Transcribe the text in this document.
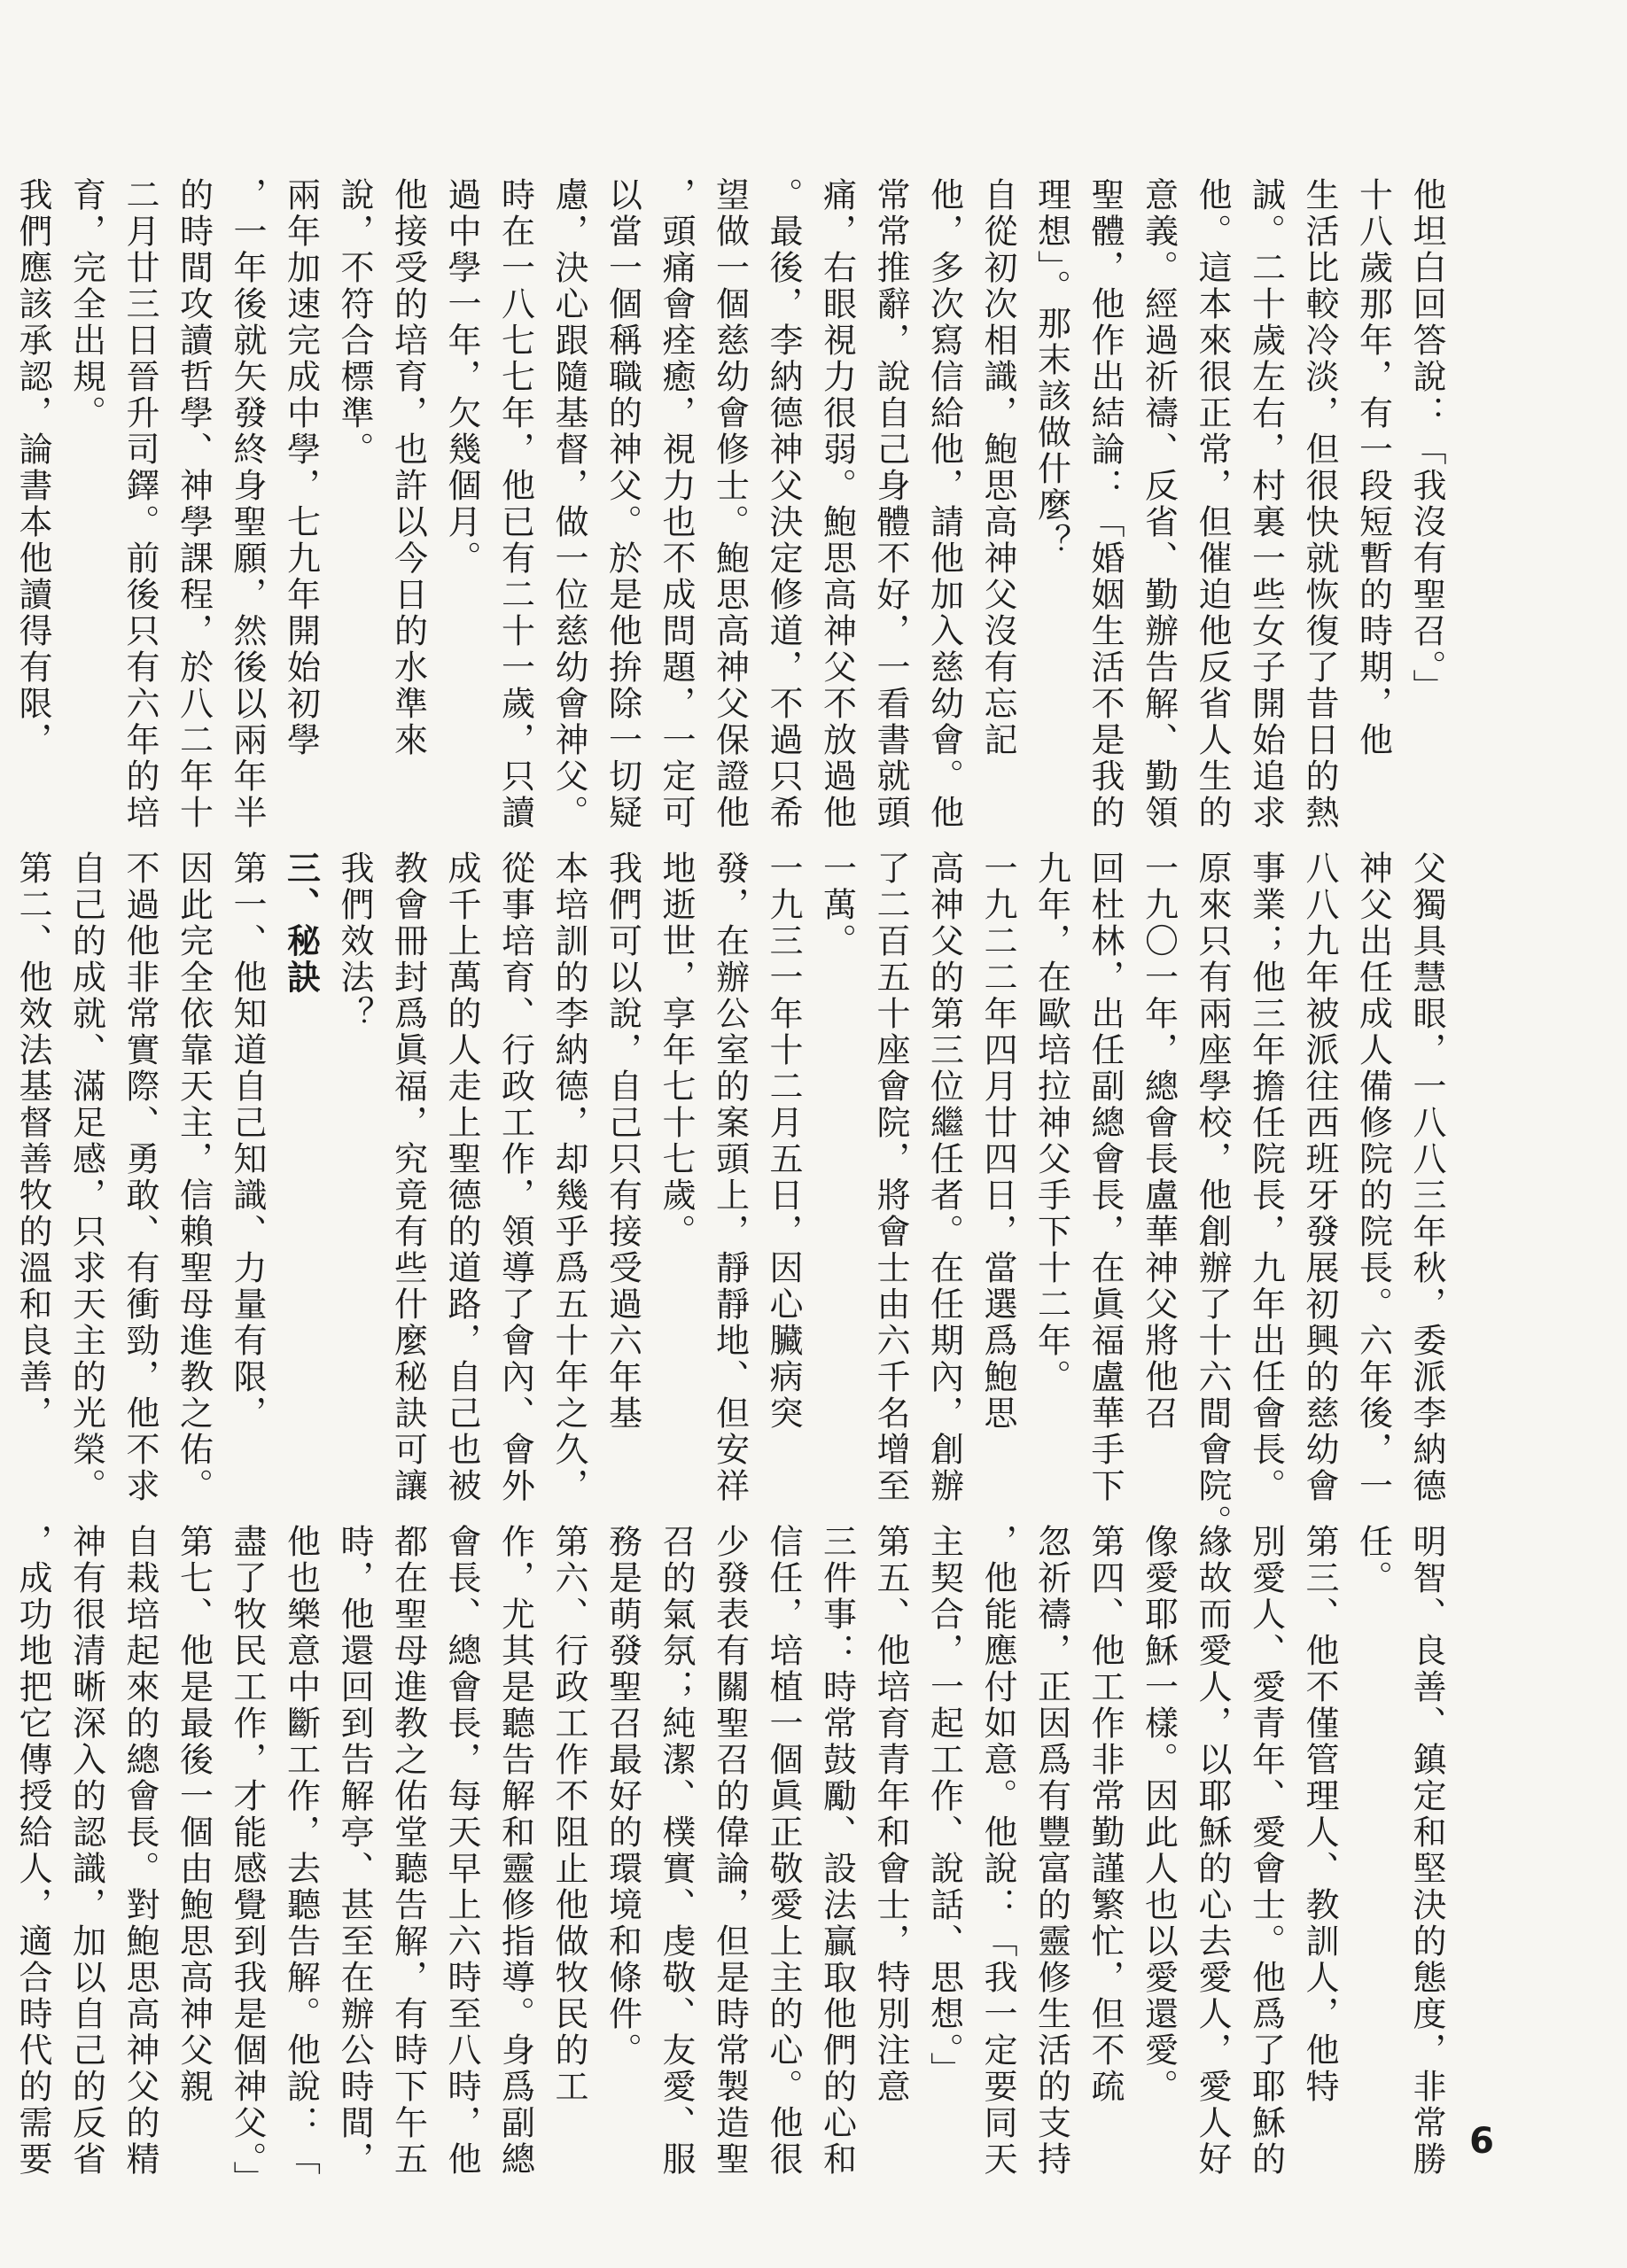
他坦白回答說：「我沒有聖召。」
十八歲那年，有一段短暫的時期，他
生活比較冷淡，但很快就恢復了昔日的熱
誠。二十歲左右，村裏一些女子開始追求
他。這本來很正常，但催迫他反省人生的
意義。經過祈禱、反省、勤辦告解、勤領
聖體，他作出結論：「婚姻生活不是我的
理想」。那末該做什麼？
自從初次相識，鮑思高神父沒有忘記
他，多次寫信給他，請他加入慈幼會。他
常常推辭，說自己身體不好，一看書就頭
痛，右眼視力很弱。鮑思高神父不放過他
。最後，李納德神父決定修道，不過只希
望做一個慈幼會修士。鮑思高神父保證他
，頭痛會痊癒，視力也不成問題，一定可
以當一個稱職的神父。於是他拚除一切疑
慮，決心跟隨基督，做一位慈幼會神父。
時在一八七七年，他已有二十一歲，只讀
過中學一年，欠幾個月。
他接受的培育，也許以今日的水準來
說，不符合標準。
兩年加速完成中學，七九年開始初學
，一年後就矢發終身聖願，然後以兩年半
的時間攻讀哲學、神學課程，於八二年十
二月廿三日晉升司鐸。前後只有六年的培
育，完全出規。
我們應該承認，論書本他讀得有限，
父獨具慧眼，一八八三年秋，委派李納德
神父出任成人備修院的院長。六年後，一
八八九年被派往西班牙發展初興的慈幼會
事業；他三年擔任院長，九年出任會長。
原來只有兩座學校，他創辦了十六間會院。
一九〇一年，總會長盧華神父將他召
回杜林，出任副總會長，在眞福盧華手下
九年，在歐培拉神父手下十二年。
一九二二年四月廿四日，當選爲鮑思
高神父的第三位繼任者。在任期內，創辦
了二百五十座會院，將會士由六千名增至
一萬。
一九三一年十二月五日，因心臟病突
發，在辦公室的案頭上，靜靜地、但安祥
地逝世，享年七十七歲。
我們可以說，自己只有接受過六年基
本培訓的李納德，却幾乎爲五十年之久，
從事培育、行政工作，領導了會內、會外
成千上萬的人走上聖德的道路，自己也被
教會冊封爲眞福，究竟有些什麼秘訣可讓
我們效法？
三、秘訣
第一、他知道自己知識、力量有限，
因此完全依靠天主，信賴聖母進教之佑。
不過他非常實際、勇敢、有衝勁，他不求
自己的成就、滿足感，只求天主的光榮。
第二、他效法基督善牧的溫和良善，
明智、良善、鎮定和堅決的態度，非常勝
任。
第三、他不僅管理人、教訓人，他特
別愛人、愛青年、愛會士。他爲了耶穌的
緣故而愛人，以耶穌的心去愛人，愛人好
像愛耶穌一樣。因此人也以愛還愛。
第四、他工作非常勤謹繁忙，但不疏
忽祈禱，正因爲有豐富的靈修生活的支持
，他能應付如意。他說：「我一定要同天
主契合，一起工作、說話、思想。」
第五、他培育青年和會士，特別注意
三件事：時常鼓勵、設法贏取他們的心和
信任，培植一個眞正敬愛上主的心。他很
少發表有關聖召的偉論，但是時常製造聖
召的氣氛；純潔、樸實、虔敬、友愛、服
務是萌發聖召最好的環境和條件。
第六、行政工作不阻止他做牧民的工
作，尤其是聽告解和靈修指導。身爲副總
會長、總會長，每天早上六時至八時，他
都在聖母進教之佑堂聽告解，有時下午五
時，他還回到告解亭、甚至在辦公時間，
他也樂意中斷工作，去聽告解。他說：「
盡了牧民工作，才能感覺到我是個神父。」
第七、他是最後一個由鮑思高神父親
自栽培起來的總會長。對鮑思高神父的精
神有很清晰深入的認識，加以自己的反省
，成功地把它傳授給人，適合時代的需要	6
